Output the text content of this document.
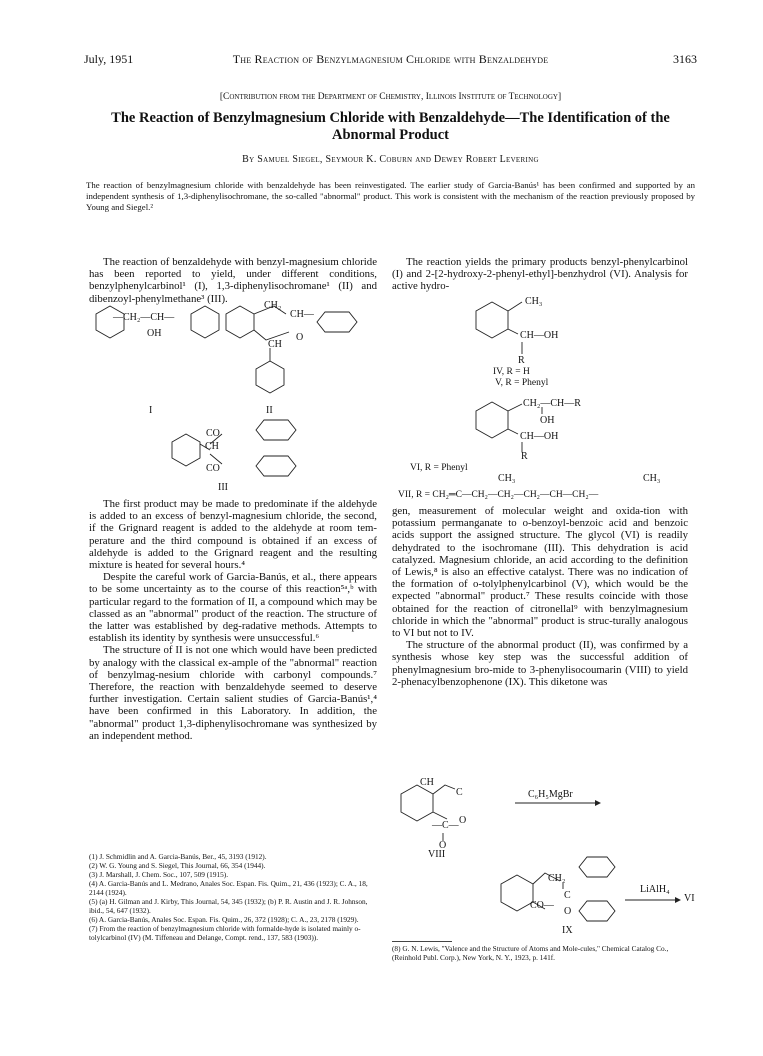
July, 1951	The Reaction of Benzylmagnesium Chloride with Benzaldehyde	3163
[Contribution from the Department of Chemistry, Illinois Institute of Technology]
The Reaction of Benzylmagnesium Chloride with Benzaldehyde—The Identification of the Abnormal Product
By Samuel Siegel, Seymour K. Coburn and Dewey Robert Levering
The reaction of benzylmagnesium chloride with benzaldehyde has been reinvestigated. The earlier study of Garcia-Banús¹ has been confirmed and supported by an independent synthesis of 1,3-diphenylisochromane, the so-called "abnormal" product. This work is consistent with the mechanism of the reaction previously proposed by Young and Siegel.²

The reaction of benzaldehyde with benzyl-magnesium chloride has been reported to yield, under different conditions, benzylphenylcarbinol¹ (I), 1,3-diphenylisochromane¹ (II) and dibenzoyl-phenylmethane³ (III).

—CH₂—CH—
OH
CH₂
CH—
CH
O
I	II
CO
CH
CO
III

The first product may be made to predominate if the aldehyde is added to an excess of benzyl-magnesium chloride, the second, if the Grignard reagent is added to the aldehyde at room tem-perature and the third compound is obtained if an excess of aldehyde is added to the Grignard reagent and the resulting mixture is heated for several hours.⁴

Despite the careful work of Garcia-Banús, et al., there appears to be some uncertainty as to the course of this reaction⁵ᵃ,ᵇ with particular regard to the formation of II, a compound which may be classed as an "abnormal" product of the reaction. The structure of the latter was established by deg-radative methods. Attempts to establish its identity by synthesis were unsuccessful.⁶

The structure of II is not one which would have been predicted by analogy with the classical ex-ample of the "abnormal" reaction of benzylmag-nesium chloride with carbonyl compounds.⁷ Therefore, the reaction with benzaldehyde seemed to deserve further investigation. Certain salient studies of Garcia-Banús¹,⁴ have been confirmed in this Laboratory. In addition, the "abnormal" product 1,3-diphenylisochromane was synthesized by an independent method.

(1) J. Schmidlin and A. Garcia-Banús, Ber., 45, 3193 (1912).
(2) W. G. Young and S. Siegel, This Journal, 66, 354 (1944).
(3) J. Marshall, J. Chem. Soc., 107, 509 (1915).
(4) A. Garcia-Banús and L. Medrano, Anales Soc. Espan. Fis. Quim., 21, 436 (1923); C. A., 18, 2144 (1924).
(5) (a) H. Gilman and J. Kirby, This Journal, 54, 345 (1932); (b) P. R. Austin and J. R. Johnson, ibid., 54, 647 (1932).
(6) A. Garcia-Banús, Anales Soc. Espan. Fis. Quim., 26, 372 (1928); C. A., 23, 2178 (1929).
(7) From the reaction of benzylmagnesium chloride with formalde-hyde is isolated mainly o-tolylcarbinol (IV) (M. Tiffeneau and Delange, Compt. rend., 137, 583 (1903)).

The reaction yields the primary products benzyl-phenylcarbinol (I) and 2-[2-hydroxy-2-phenyl-ethyl]-benzhydrol (VI). Analysis for active hydro-

CH₃
CH—OH
R
IV, R = H
V, R = Phenyl
CH₂—CH—R
OH
CH—OH
R
VI, R = Phenyl
CH₃	CH₃
VII, R = CH₂═C—CH₂—CH₂—CH₂—CH—CH₂—

gen, measurement of molecular weight and oxida-tion with potassium permanganate to o-benzoyl-benzoic acid and benzoic acids support the assigned structure. The glycol (VI) is readily dehydrated to the isochromane (III). This dehydration is acid catalyzed. Magnesium chloride, an acid according to the definition of Lewis,⁸ is also an effective catalyst. There was no indication of the formation of o-tolylphenylcarbinol (V), which would be the expected "abnormal" product.⁷ These results coincide with those obtained for the reaction of citronellal⁹ with benzylmagnesium chloride in which the "abnormal" product is struc-turally analogous to VI but not to IV.

The structure of the abnormal product (II), was confirmed by a synthesis whose key step was the successful addition of phenylmagnesium bro-mide to 3-phenylisocoumarin (VIII) to yield 2-phenacylbenzophenone (IX). This diketone was

CH
C
O
—C—
O
C₆H₅MgBr
VIII
CH₂
C
O
CO—
IX
LiAlH₄
VI
(8) G. N. Lewis, "Valence and the Structure of Atoms and Mole-cules," Chemical Catalog Co., (Reinhold Publ. Corp.), New York, N. Y., 1923, p. 141f.
